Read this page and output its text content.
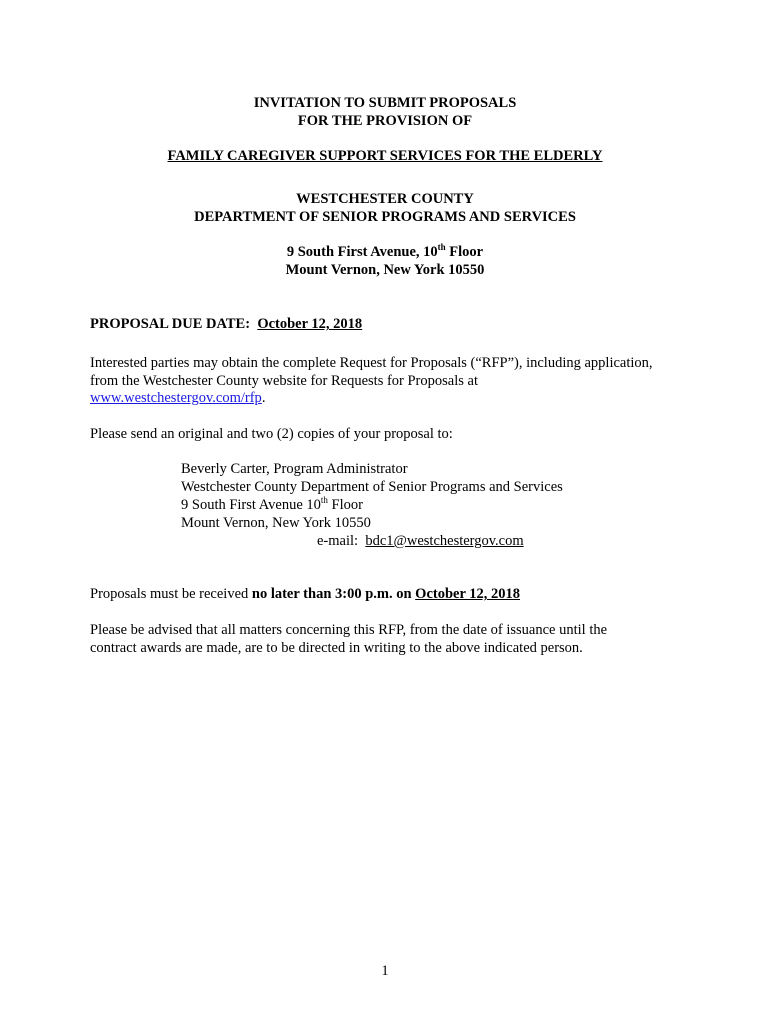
INVITATION TO SUBMIT PROPOSALS
FOR THE PROVISION OF
FAMILY CAREGIVER SUPPORT SERVICES FOR THE ELDERLY
WESTCHESTER COUNTY
DEPARTMENT OF SENIOR PROGRAMS AND SERVICES
9 South First Avenue, 10th Floor
Mount Vernon, New York 10550
PROPOSAL DUE DATE: October 12, 2018
Interested parties may obtain the complete Request for Proposals (“RFP”), including application,
from the Westchester County website for Requests for Proposals at
www.westchestergov.com/rfp.
Please send an original and two (2) copies of your proposal to:
Beverly Carter, Program Administrator
Westchester County Department of Senior Programs and Services
9 South First Avenue 10th Floor
Mount Vernon, New York 10550
e-mail: bdc1@westchestergov.com
Proposals must be received no later than 3:00 p.m. on October 12, 2018
Please be advised that all matters concerning this RFP, from the date of issuance until the
contract awards are made, are to be directed in writing to the above indicated person.
1
